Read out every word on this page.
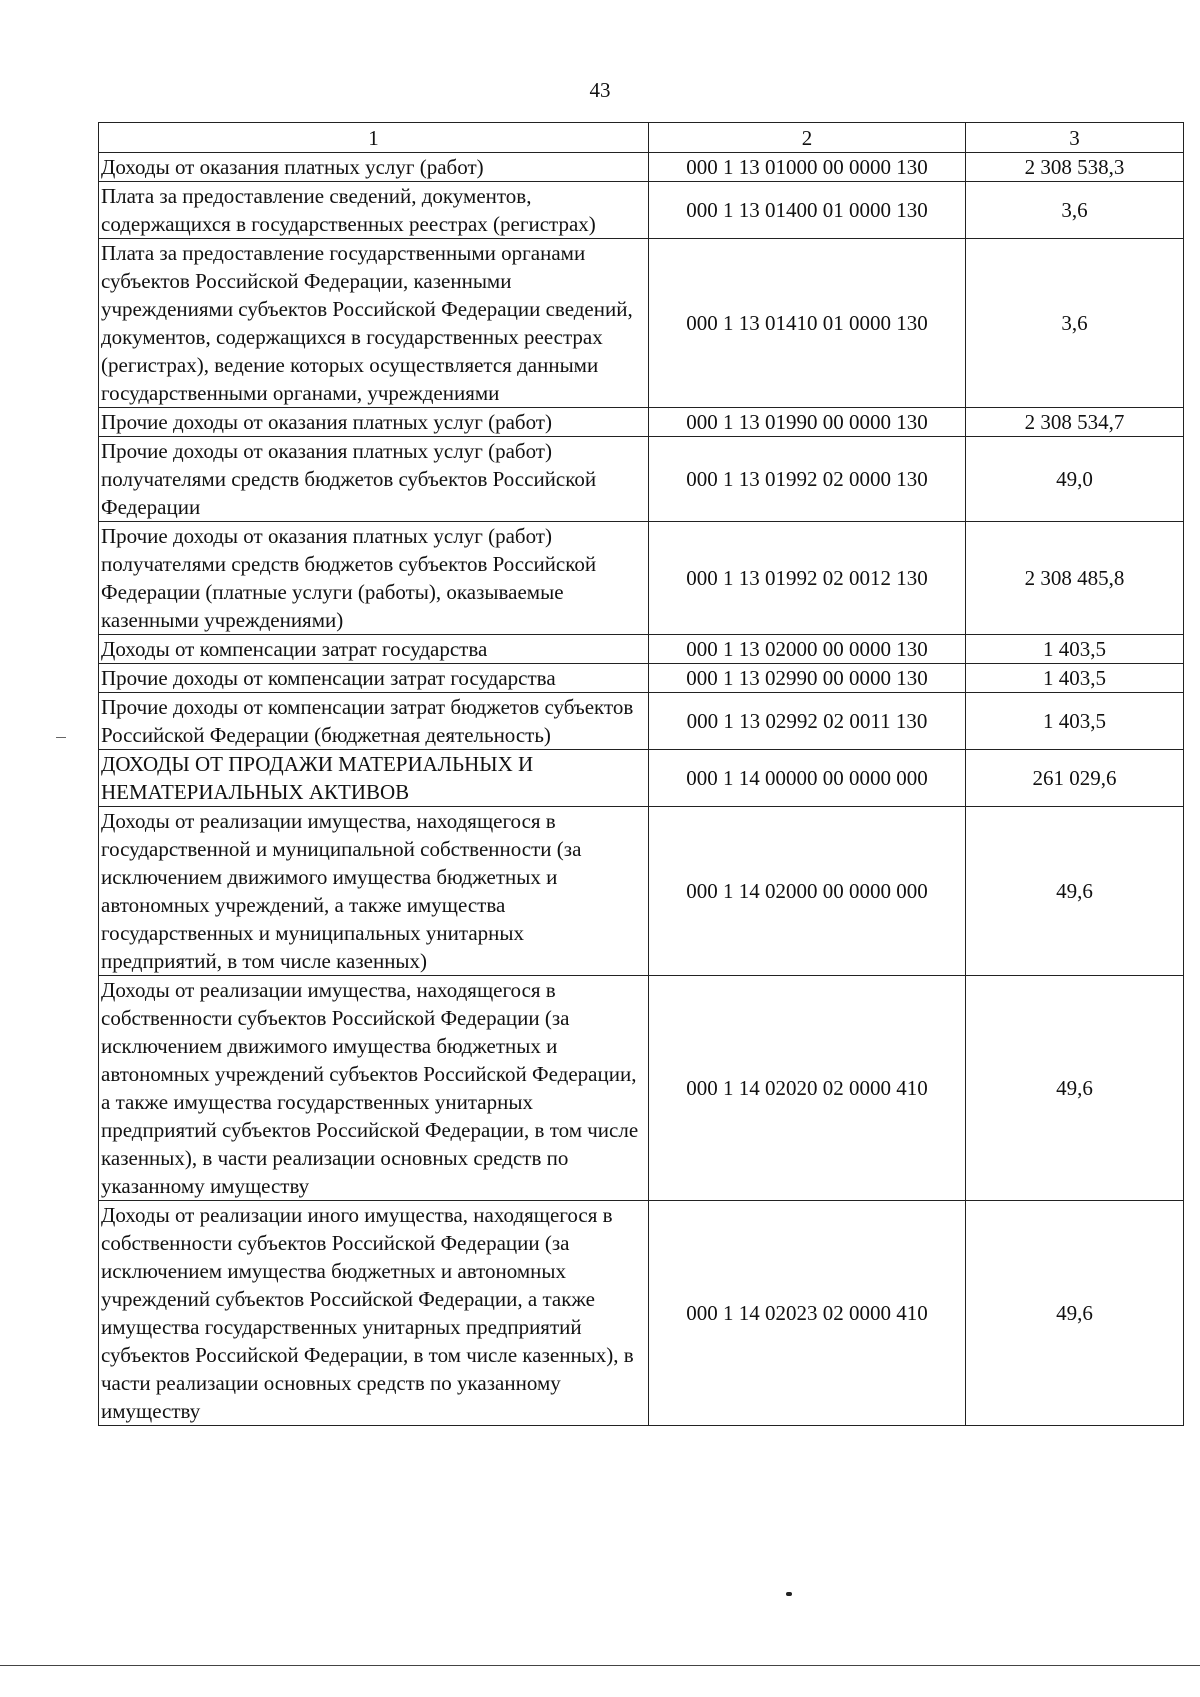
43
1	2	3
Доходы от оказания платных услуг (работ)	000 1 13 01000 00 0000 130	2 308 538,3
Плата за предоставление сведений, документов, содержащихся в государственных реестрах (регистрах)	000 1 13 01400 01 0000 130	3,6
Плата за предоставление государственными органами субъектов Российской Федерации, казенными учреждениями субъектов Российской Федерации сведений, документов, содержащихся в государственных реестрах (регистрах), ведение которых осуществляется данными государственными органами, учреждениями	000 1 13 01410 01 0000 130	3,6
Прочие доходы от оказания платных услуг (работ)	000 1 13 01990 00 0000 130	2 308 534,7
Прочие доходы от оказания платных услуг (работ) получателями средств бюджетов субъектов Российской Федерации	000 1 13 01992 02 0000 130	49,0
Прочие доходы от оказания платных услуг (работ) получателями средств бюджетов субъектов Российской Федерации (платные услуги (работы), оказываемые казенными учреждениями)	000 1 13 01992 02 0012 130	2 308 485,8
Доходы от компенсации затрат государства	000 1 13 02000 00 0000 130	1 403,5
Прочие доходы от компенсации затрат государства	000 1 13 02990 00 0000 130	1 403,5
Прочие доходы от компенсации затрат бюджетов субъектов Российской Федерации (бюджетная деятельность)	000 1 13 02992 02 0011 130	1 403,5
ДОХОДЫ ОТ ПРОДАЖИ МАТЕРИАЛЬНЫХ И НЕМАТЕРИАЛЬНЫХ АКТИВОВ	000 1 14 00000 00 0000 000	261 029,6
Доходы от реализации имущества, находящегося в государственной и муниципальной собственности (за исключением движимого имущества бюджетных и автономных учреждений, а также имущества государственных и муниципальных унитарных предприятий, в том числе казенных)	000 1 14 02000 00 0000 000	49,6
Доходы от реализации имущества, находящегося в собственности субъектов Российской Федерации (за исключением движимого имущества бюджетных и автономных учреждений субъектов Российской Федерации, а также имущества государственных унитарных предприятий субъектов Российской Федерации, в том числе казенных), в части реализации основных средств по указанному имуществу	000 1 14 02020 02 0000 410	49,6
Доходы от реализации иного имущества, находящегося в собственности субъектов Российской Федерации (за исключением имущества бюджетных и автономных учреждений субъектов Российской Федерации, а также имущества государственных унитарных предприятий субъектов Российской Федерации, в том числе казенных), в части реализации основных средств по указанному имуществу	000 1 14 02023 02 0000 410	49,6
